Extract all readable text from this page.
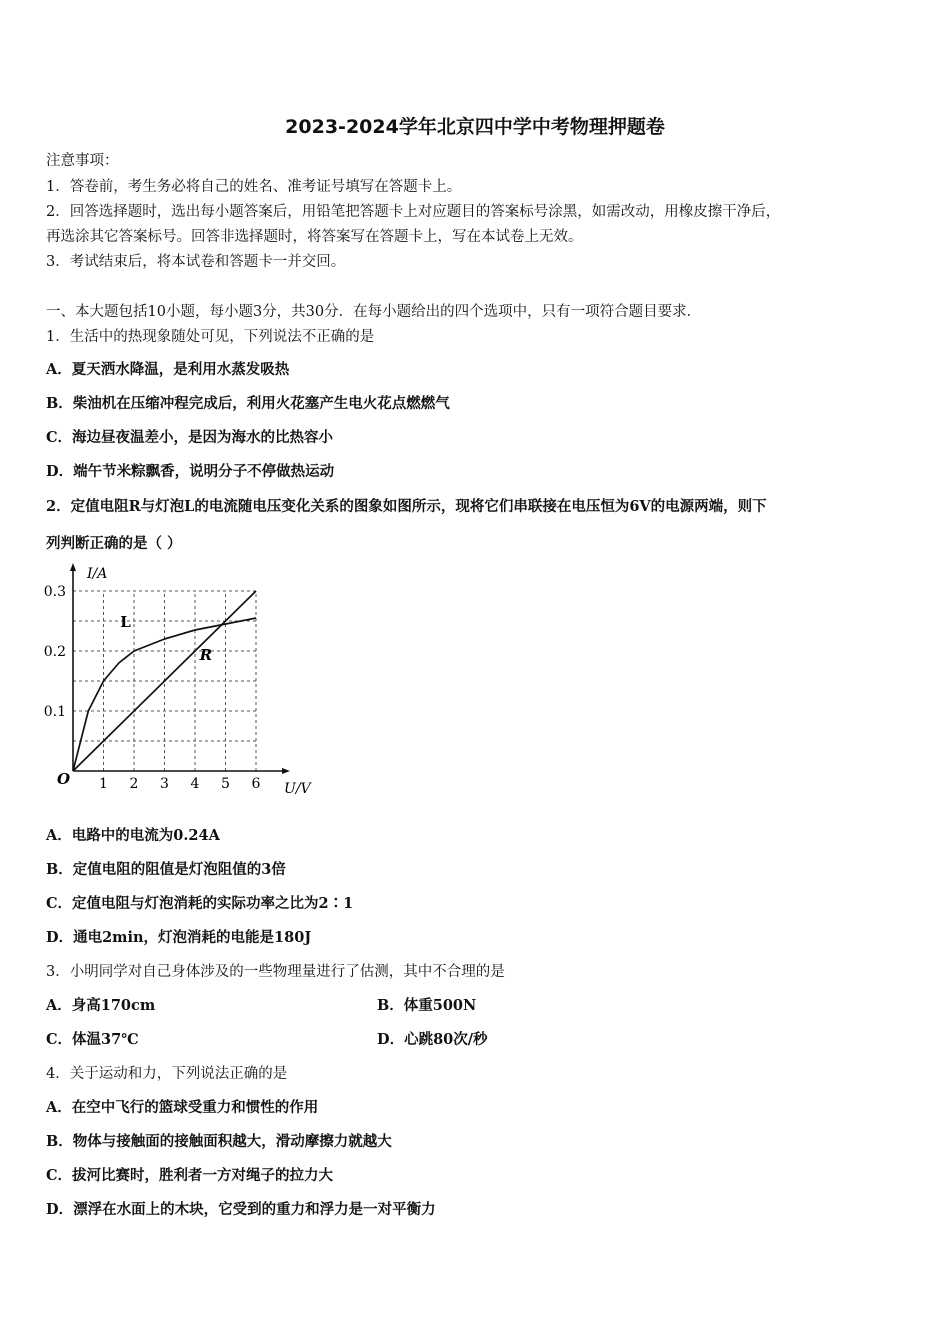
2023-2024学年北京四中学中考物理押题卷
注意事项：
1．答卷前，考生务必将自己的姓名、准考证号填写在答题卡上。
2．回答选择题时，选出每小题答案后，用铅笔把答题卡上对应题目的答案标号涂黑，如需改动，用橡皮擦干净后，
再选涂其它答案标号。回答非选择题时，将答案写在答题卡上，写在本试卷上无效。
3．考试结束后，将本试卷和答题卡一并交回。
一、本大题包括10小题，每小题3分，共30分．在每小题给出的四个选项中，只有一项符合题目要求．
1．生活中的热现象随处可见，下列说法不正确的是
A．夏天洒水降温，是利用水蒸发吸热
B．柴油机在压缩冲程完成后，利用火花塞产生电火花点燃燃气
C．海边昼夜温差小，是因为海水的比热容小
D．端午节米粽飘香，说明分子不停做热运动
2．定值电阻R与灯泡L的电流随电压变化关系的图象如图所示，现将它们串联接在电压恒为6V的电源两端，则下
列判断正确的是（ ）
1 2 3 4 5 6
0.1
0.2
0.3
O
U/V
I/A
L
R
A．电路中的电流为0.24A
B．定值电阻的阻值是灯泡阻值的3倍
C．定值电阻与灯泡消耗的实际功率之比为2∶1
D．通电2min，灯泡消耗的电能是180J
3．小明同学对自己身体涉及的一些物理量进行了估测，其中不合理的是
A．身高170cm	B．体重500N
C．体温37℃	D．心跳80次/秒
4．关于运动和力，下列说法正确的是
A．在空中飞行的篮球受重力和惯性的作用
B．物体与接触面的接触面积越大，滑动摩擦力就越大
C．拔河比赛时，胜利者一方对绳子的拉力大
D．漂浮在水面上的木块，它受到的重力和浮力是一对平衡力
